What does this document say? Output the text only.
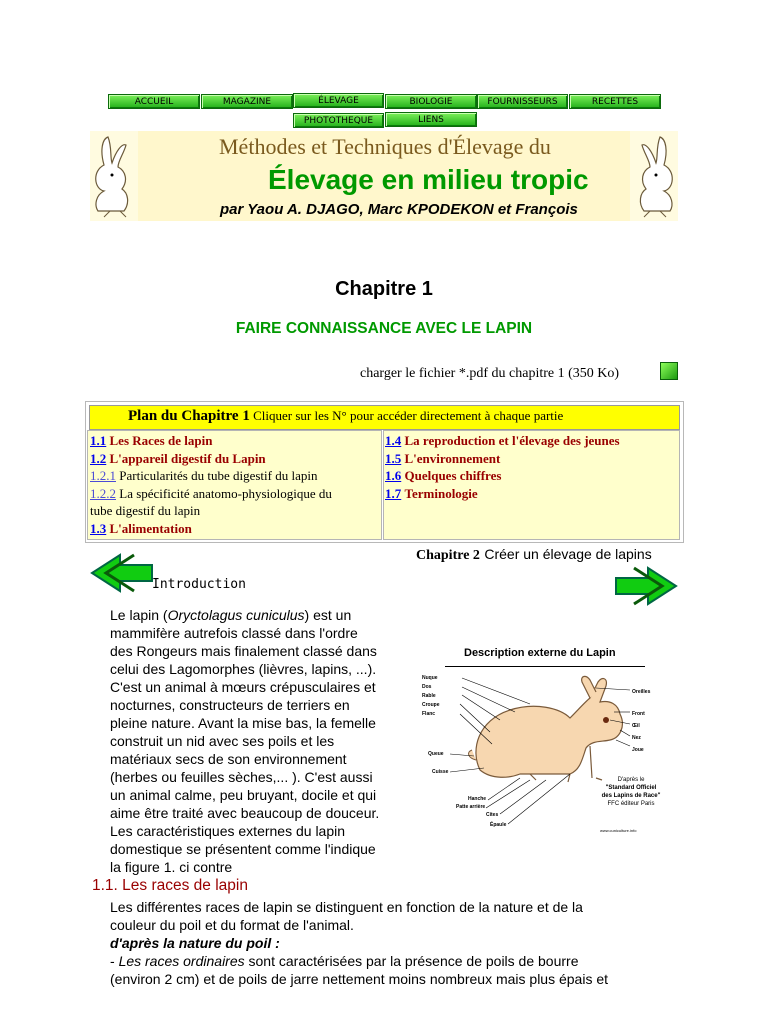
ACCUEIL	MAGAZINE	ÉLEVAGE	BIOLOGIE	FOURNISSEURS	RECETTES
PHOTOTHEQUE	LIENS
Méthodes et Techniques d'Élevage du
Élevage en milieu tropic
par Yaou A. DJAGO, Marc KPODEKON et François
Chapitre 1
FAIRE CONNAISSANCE AVEC LE LAPIN
charger le fichier *.pdf du chapitre 1 (350 Ko)
Plan du Chapitre 1 Cliquer sur les N° pour accéder directement à chaque partie
1.1 Les Races de lapin
1.2 L'appareil digestif du Lapin
1.2.1 Particularités du tube digestif du lapin
1.2.2 La spécificité anatomo-physiologique du
tube digestif du lapin
1.3 L'alimentation
1.4 La reproduction et l'élevage des jeunes
1.5 L'environnement
1.6 Quelques chiffres
1.7 Terminologie
Chapitre 2 Créer un élevage de lapins
Introduction
Le lapin (Oryctolagus cuniculus) est un
mammifère autrefois classé dans l'ordre
des Rongeurs mais finalement classé dans
celui des Lagomorphes (lièvres, lapins, ...).
C'est un animal à mœurs crépusculaires et
nocturnes, constructeurs de terriers en
pleine nature. Avant la mise bas, la femelle
construit un nid avec ses poils et les
matériaux secs de son environnement
(herbes ou feuilles sèches,... ). C'est aussi
un animal calme, peu bruyant, docile et qui
aime être traité avec beaucoup de douceur.
Les caractéristiques externes du lapin
domestique se présentent comme l'indique
la figure 1. ci contre
Description externe du Lapin
Nuque
Dos
Rable
Croupe
Flanc
Queue
Cuisse
Hanche
Patte arrière
Cites
Épaule
Oreilles
Front
Œil
Nez
Joue
D'après le
"Standard Officiel
des Lapins de Race"
FFC éditeur Paris
www.cuniculture.info
1.1. Les races de lapin
Les différentes races de lapin se distinguent en fonction de la nature et de la
couleur du poil et du format de l'animal.
d'après la nature du poil :
- Les races ordinaires sont caractérisées par la présence de poils de bourre
(environ 2 cm) et de poils de jarre nettement moins nombreux mais plus épais et
